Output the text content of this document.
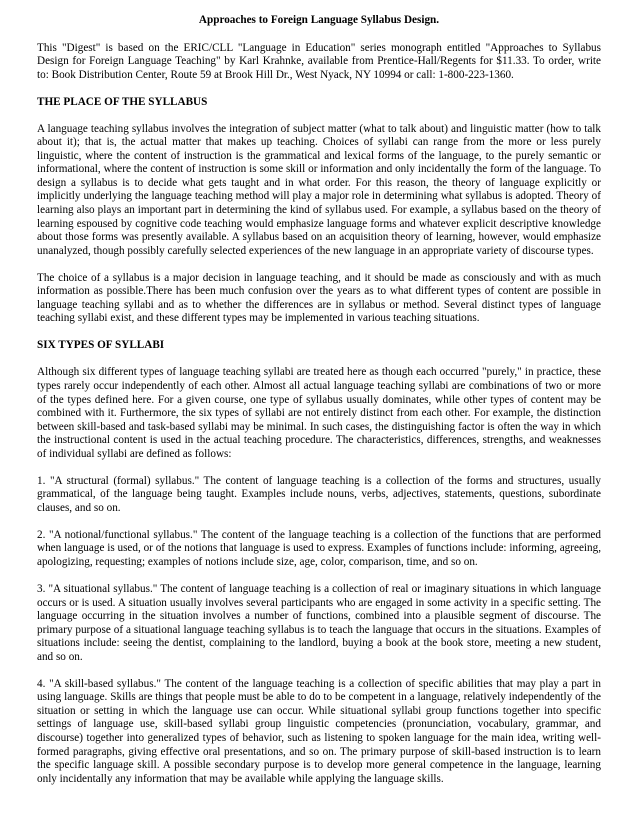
Approaches to Foreign Language Syllabus Design.

This "Digest" is based on the ERIC/CLL "Language in Education" series monograph entitled "Approaches to Syllabus Design for Foreign Language Teaching" by Karl Krahnke, available from Prentice-Hall/Regents for $11.33. To order, write to: Book Distribution Center, Route 59 at Brook Hill Dr., West Nyack, NY 10994 or call: 1-800-223-1360.

THE PLACE OF THE SYLLABUS

A language teaching syllabus involves the integration of subject matter (what to talk about) and linguistic matter (how to talk about it); that is, the actual matter that makes up teaching. Choices of syllabi can range from the more or less purely linguistic, where the content of instruction is the grammatical and lexical forms of the language, to the purely semantic or informational, where the content of instruction is some skill or information and only incidentally the form of the language. To design a syllabus is to decide what gets taught and in what order. For this reason, the theory of language explicitly or implicitly underlying the language teaching method will play a major role in determining what syllabus is adopted. Theory of learning also plays an important part in determining the kind of syllabus used. For example, a syllabus based on the theory of learning espoused by cognitive code teaching would emphasize language forms and whatever explicit descriptive knowledge about those forms was presently available. A syllabus based on an acquisition theory of learning, however, would emphasize unanalyzed, though possibly carefully selected experiences of the new language in an appropriate variety of discourse types.

The choice of a syllabus is a major decision in language teaching, and it should be made as consciously and with as much information as possible.There has been much confusion over the years as to what different types of content are possible in language teaching syllabi and as to whether the differences are in syllabus or method. Several distinct types of language teaching syllabi exist, and these different types may be implemented in various teaching situations.

SIX TYPES OF SYLLABI

Although six different types of language teaching syllabi are treated here as though each occurred "purely," in practice, these types rarely occur independently of each other. Almost all actual language teaching syllabi are combinations of two or more of the types defined here. For a given course, one type of syllabus usually dominates, while other types of content may be combined with it. Furthermore, the six types of syllabi are not entirely distinct from each other. For example, the distinction between skill-based and task-based syllabi may be minimal. In such cases, the distinguishing factor is often the way in which the instructional content is used in the actual teaching procedure. The characteristics, differences, strengths, and weaknesses of individual syllabi are defined as follows:

1. "A structural (formal) syllabus." The content of language teaching is a collection of the forms and structures, usually grammatical, of the language being taught. Examples include nouns, verbs, adjectives, statements, questions, subordinate clauses, and so on.

2. "A notional/functional syllabus." The content of the language teaching is a collection of the functions that are performed when language is used, or of the notions that language is used to express. Examples of functions include: informing, agreeing, apologizing, requesting; examples of notions include size, age, color, comparison, time, and so on.

3. "A situational syllabus." The content of language teaching is a collection of real or imaginary situations in which language occurs or is used. A situation usually involves several participants who are engaged in some activity in a specific setting. The language occurring in the situation involves a number of functions, combined into a plausible segment of discourse. The primary purpose of a situational language teaching syllabus is to teach the language that occurs in the situations. Examples of situations include: seeing the dentist, complaining to the landlord, buying a book at the book store, meeting a new student, and so on.

4. "A skill-based syllabus." The content of the language teaching is a collection of specific abilities that may play a part in using language. Skills are things that people must be able to do to be competent in a language, relatively independently of the situation or setting in which the language use can occur. While situational syllabi group functions together into specific settings of language use, skill-based syllabi group linguistic competencies (pronunciation, vocabulary, grammar, and discourse) together into generalized types of behavior, such as listening to spoken language for the main idea, writing well-formed paragraphs, giving effective oral presentations, and so on. The primary purpose of skill-based instruction is to learn the specific language skill. A possible secondary purpose is to develop more general competence in the language, learning only incidentally any information that may be available while applying the language skills.
